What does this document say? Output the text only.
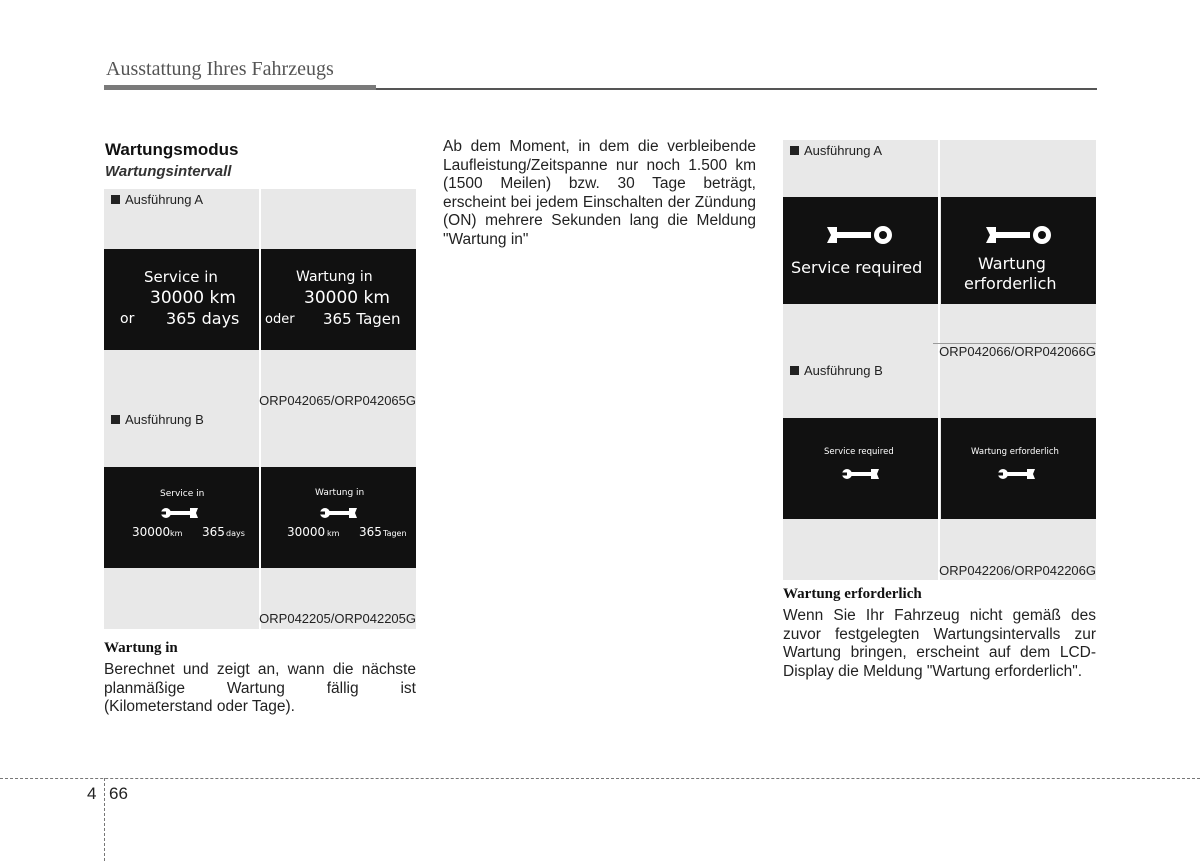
Ausstattung Ihres Fahrzeugs
Wartungsmodus
Wartungsintervall
Ausführung A
Service in
30000 km
or 365 days
Wartung in
30000 km
oder 365 Tagen
ORP042065/ORP042065G
Ausführung B
Service in
30000 km 365 days
Wartung in
30000 km 365 Tagen
ORP042205/ORP042205G
Wartung in
Berechnet und zeigt an, wann die nächste planmäßige Wartung fällig ist (Kilometerstand oder Tage).
Ab dem Moment, in dem die verbleibende Laufleistung/Zeitspanne nur noch 1.500 km (1500 Meilen) bzw. 30 Tage beträgt, erscheint bei jedem Einschalten der Zündung (ON) mehrere Sekunden lang die Meldung "Wartung in"
Ausführung A
Service required	Wartung
erforderlich
ORP042066/ORP042066G
Ausführung B
Service required	Wartung erforderlich
ORP042206/ORP042206G
Wartung erforderlich
Wenn Sie Ihr Fahrzeug nicht gemäß des zuvor festgelegten Wartungsintervalls zur Wartung bringen, erscheint auf dem LCD-Display die Meldung "Wartung erforderlich".
4 66
